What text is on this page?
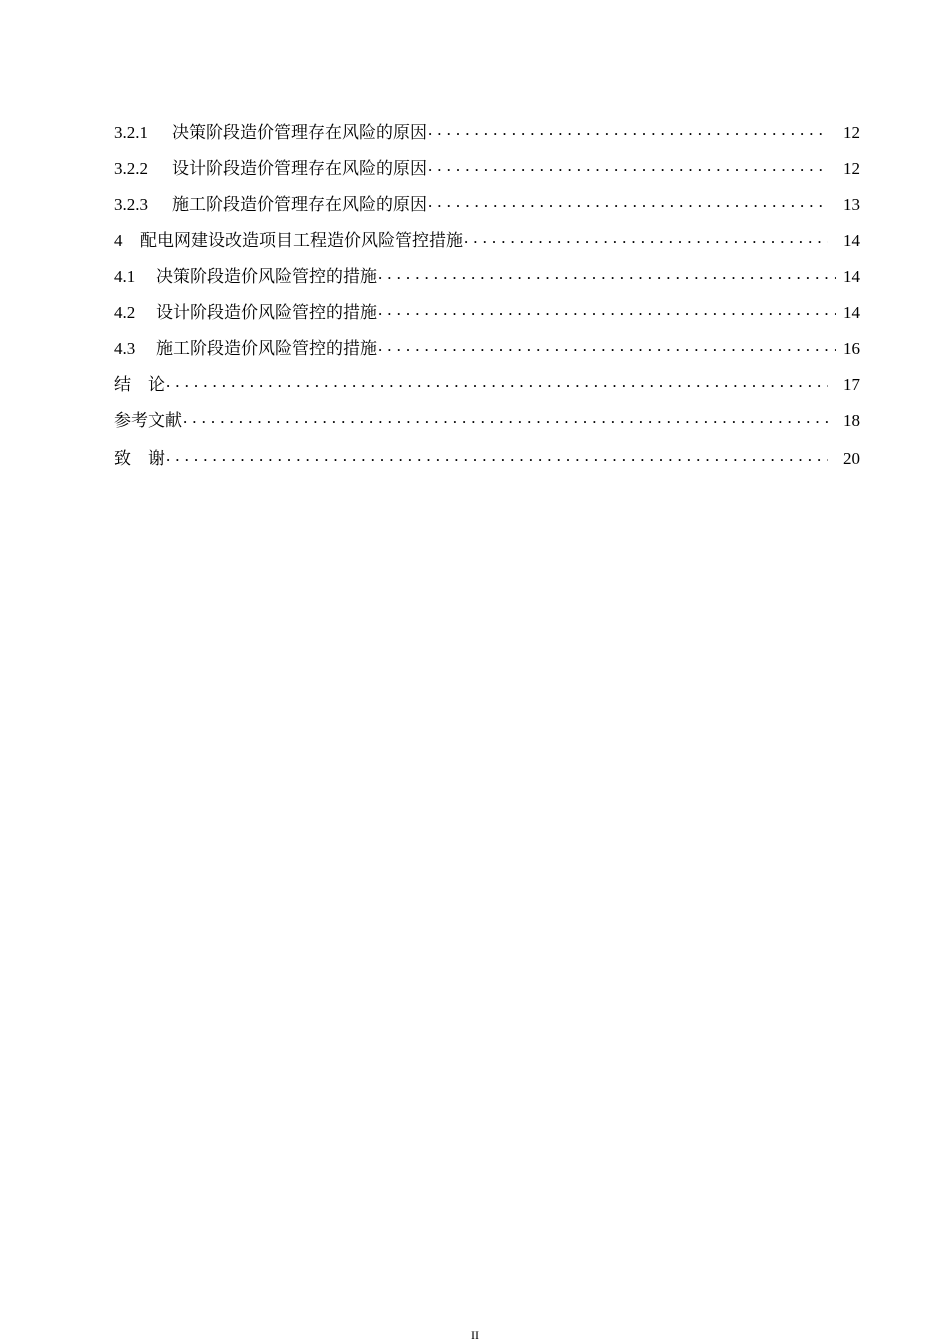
3.2.1	决策阶段造价管理存在风险的原因 . . .	12
3.2.2	设计阶段造价管理存在风险的原因 . . .	12
3.2.3	施工阶段造价管理存在风险的原因 . . .	13
4	配电网建设改造项目工程造价风险管控措施 . . .	14
4.1	决策阶段造价风险管控的措施 . . .	14
4.2	设计阶段造价风险管控的措施 . . .	14
4.3	施工阶段造价风险管控的措施 . . .	16
结　论 . . .	17
参考文献 . . .	18
致　谢 . . .	20
II
